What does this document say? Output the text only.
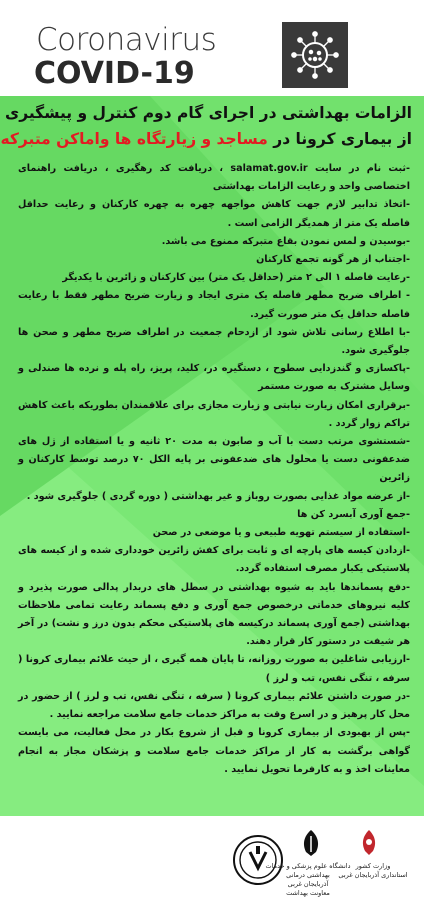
Coronavirus
COVID-19
الزامات بهداشتی در اجرای گام دوم کنترل و پیشگیری
از بیماری کرونا در مساجد و زیارتگاه ها واماکن متبرکه

-ثبت نام در سایت salamat.gov.ir ، دریافت کد رهگیری ، دریافت راهنمای اختصاصی واحد و رعایت الزامات بهداشتی

-اتخاذ تدابیر لازم جهت کاهش مواجهه چهره به چهره کارکنان و رعایت حداقل فاصله یک متر از همدیگر الزامی است .

-بوسیدن و لمس نمودن بقاع متبرکه ممنوع می باشد.

-اجتناب از هر گونه تجمع کارکنان

-رعایت فاصله ۱ الی ۲ متر (حداقل یک متر) بین کارکنان و زائرین با یکدیگر

- اطراف ضریح مطهر فاصله یک متری ایجاد و زیارت ضریح مطهر فقط با رعایت فاصله حداقل یک متر صورت گیرد.

-با اطلاع رسانی تلاش شود از ازدحام جمعیت در اطراف ضریح مطهر و صحن ها جلوگیری شود.

-پاکسازی و گندزدایی سطوح ، دستگیره در، کلید، پریز، راه پله و نرده ها صندلی و وسایل مشترک به صورت مستمر

-برقراری امکان زیارت نیابتی و زیارت مجازی برای علاقمندان بطوریکه باعث کاهش تراکم زوار گردد .

-شستشوی مرتب دست با آب و صابون به مدت ۲۰ ثانیه و یا استفاده از ژل های ضدعفونی دست یا محلول های ضدعفونی بر پایه الکل ۷۰ درصد توسط کارکنان و زائرین

-از عرضه مواد غذایی بصورت روباز و غیر بهداشتی ( دوره گردی ) جلوگیری شود .

-جمع آوری آبسرد کن ها

-استفاده از سیستم تهویه طبیعی و یا موضعی در صحن

-ازدادن کیسه های پارچه ای و ثابت برای کفش زائرین خودداری شده و از کیسه های پلاستیکی یکبار مصرف استفاده گردد.

-دفع پسماندها باید به شیوه بهداشتی در سطل های دربدار پدالی صورت پذیرد و کلیه نیروهای خدماتی درخصوص جمع آوری و دفع پسماند رعایت تمامی ملاحظات بهداشتی (جمع آوری پسماند درکیسه های پلاستیکی محکم بدون درز و نشت) در آخر هر شیفت در دستور کار قرار دهند.

-ارزیابی شاغلین به صورت روزانه، تا پایان همه گیری ، از حیث علائم بیماری کرونا ( سرفه ، تنگی نفس، تب و لرز )

-در صورت داشتن علائم بیماری کرونا ( سرفه ، تنگی نفس، تب و لرز ) از حضور در محل کار پرهیز و در اسرع وقت به مراکز خدمات جامع سلامت مراجعه نمایید .

-پس از بهبودی از بیماری کرونا و قبل از شروع بکار در محل فعالیت، می بایست گواهی برگشت به کار از مراکز خدمات جامع سلامت و پزشکان مجاز به انجام معاینات اخذ و به کارفرما تحویل نمایید .

دانشگاه علوم پزشکی و خدمات بهداشتی درمانی
آذربایجان غربی
معاونت بهداشت
وزارت کشور
استانداری آذربایجان غربی
